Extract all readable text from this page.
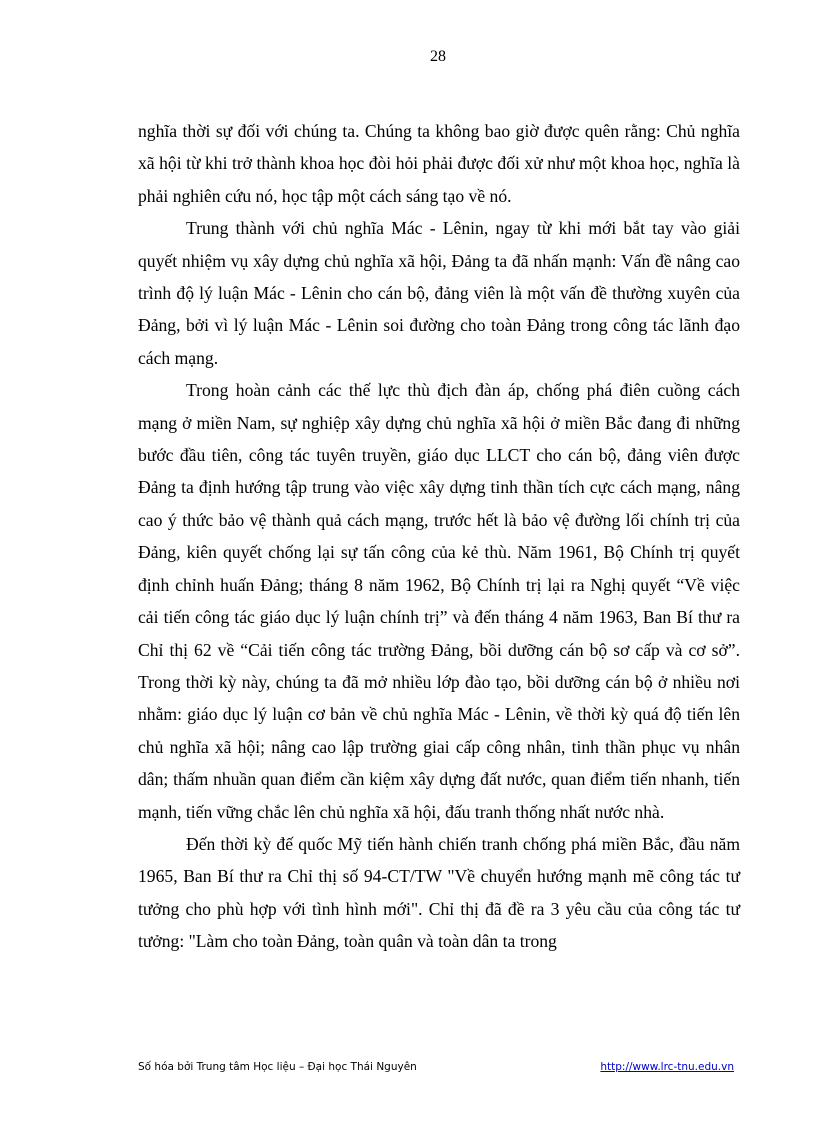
28

nghĩa thời sự đối với chúng ta. Chúng ta không bao giờ được quên rằng: Chủ nghĩa xã hội từ khi trở thành khoa học đòi hỏi phải được đối xử như một khoa học, nghĩa là phải nghiên cứu nó, học tập một cách sáng tạo về nó.

Trung thành với chủ nghĩa Mác - Lênin, ngay từ khi mới bắt tay vào giải quyết nhiệm vụ xây dựng chủ nghĩa xã hội, Đảng ta đã nhấn mạnh: Vấn đề nâng cao trình độ lý luận Mác - Lênin cho cán bộ, đảng viên là một vấn đề thường xuyên của Đảng, bởi vì lý luận Mác - Lênin soi đường cho toàn Đảng trong công tác lãnh đạo cách mạng.

Trong hoàn cảnh các thế lực thù địch đàn áp, chống phá điên cuồng cách mạng ở miền Nam, sự nghiệp xây dựng chủ nghĩa xã hội ở miền Bắc đang đi những bước đầu tiên, công tác tuyên truyền, giáo dục LLCT cho cán bộ, đảng viên được Đảng ta định hướng tập trung vào việc xây dựng tinh thần tích cực cách mạng, nâng cao ý thức bảo vệ thành quả cách mạng, trước hết là bảo vệ đường lối chính trị của Đảng, kiên quyết chống lại sự tấn công của kẻ thù. Năm 1961, Bộ Chính trị quyết định chỉnh huấn Đảng; tháng 8 năm 1962, Bộ Chính trị lại ra Nghị quyết “Về việc cải tiến công tác giáo dục lý luận chính trị” và đến tháng 4 năm 1963, Ban Bí thư ra Chỉ thị 62 về “Cải tiến công tác trường Đảng, bồi dưỡng cán bộ sơ cấp và cơ sở”. Trong thời kỳ này, chúng ta đã mở nhiều lớp đào tạo, bồi dưỡng cán bộ ở nhiều nơi nhằm: giáo dục lý luận cơ bản về chủ nghĩa Mác - Lênin, về thời kỳ quá độ tiến lên chủ nghĩa xã hội; nâng cao lập trường giai cấp công nhân, tinh thần phục vụ nhân dân; thấm nhuần quan điểm cần kiệm xây dựng đất nước, quan điểm tiến nhanh, tiến mạnh, tiến vững chắc lên chủ nghĩa xã hội, đấu tranh thống nhất nước nhà.

Đến thời kỳ đế quốc Mỹ tiến hành chiến tranh chống phá miền Bắc, đầu năm 1965, Ban Bí thư ra Chỉ thị số 94-CT/TW "Về chuyển hướng mạnh mẽ công tác tư tưởng cho phù hợp với tình hình mới". Chỉ thị đã đề ra 3 yêu cầu của công tác tư tưởng: "Làm cho toàn Đảng, toàn quân và toàn dân ta trong

Số hóa bởi Trung tâm Học liệu – Đại học Thái Nguyên	http://www.lrc-tnu.edu.vn
